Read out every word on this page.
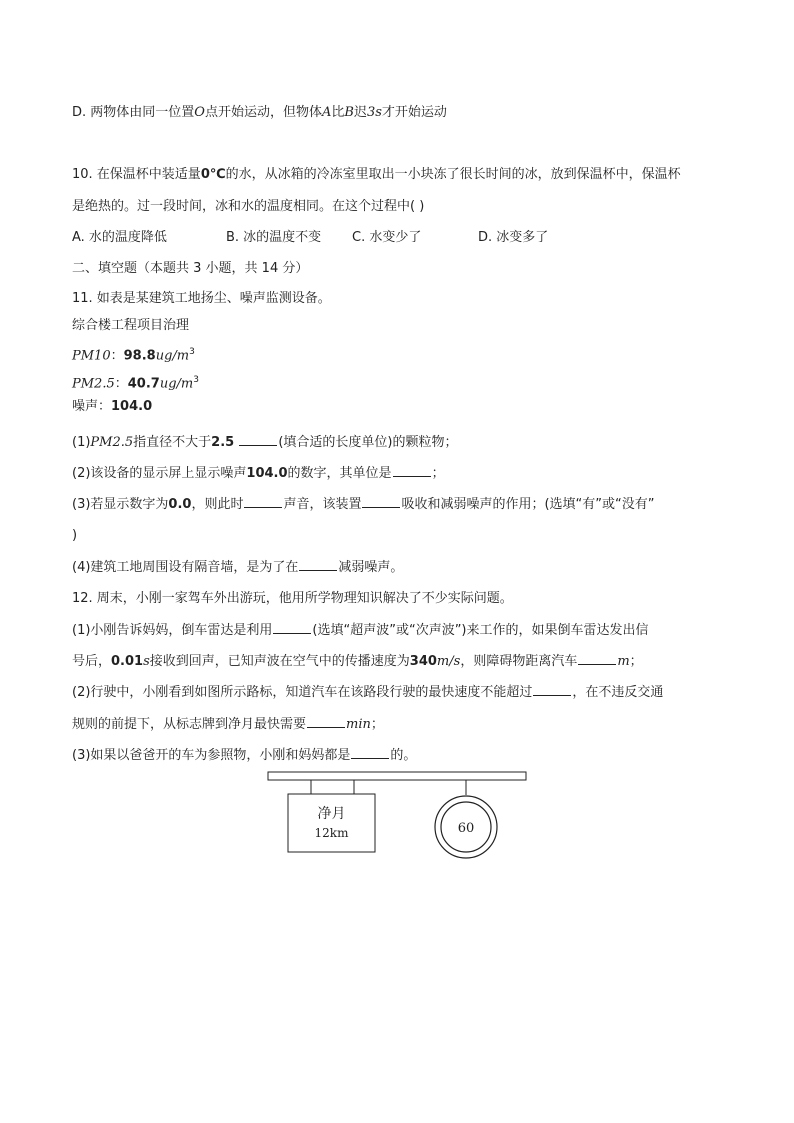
D. 两物体由同一位置O点开始运动，但物体A比B迟3s才开始运动
10. 在保温杯中装适量0℃的水，从冰箱的冷冻室里取出一小块冻了很长时间的冰，放到保温杯中，保温杯
是绝热的。过一段时间，冰和水的温度相同。在这个过程中( )
A. 水的温度降低	B. 冰的温度不变 C. 水变少了	D. 冰变多了
二、填空题（本题共 3 小题，共 14 分）
11. 如表是某建筑工地扬尘、噪声监测设备。
综合楼工程项目治理
PM10：$98.8ug/m^3$
PM2.5：$40.7ug/m^3$
噪声：104.0
(1)PM2.5指直径不大于2.5	(填合适的长度单位)的颗粒物；
(2)该设备的显示屏上显示噪声104.0的数字，其单位是	；
(3)若显示数字为0.0，则此时	声音，该装置	吸收和减弱噪声的作用；(选填“有”或“没有”
)
(4)建筑工地周围设有隔音墙，是为了在	减弱噪声。
12. 周末，小刚一家驾车外出游玩，他用所学物理知识解决了不少实际问题。
(1)小刚告诉妈妈，倒车雷达是利用	(选填“超声波”或“次声波”)来工作的，如果倒车雷达发出信
号后，0.01s接收到回声，已知声波在空气中的传播速度为340m/s，则障碍物距离汽车	m；
(2)行驶中，小刚看到如图所示路标，知道汽车在该路段行驶的最快速度不能超过	，在不违反交通
规则的前提下，从标志牌到净月最快需要	min；
(3)如果以爸爸开的车为参照物，小刚和妈妈都是	的。
净月
12km	60
